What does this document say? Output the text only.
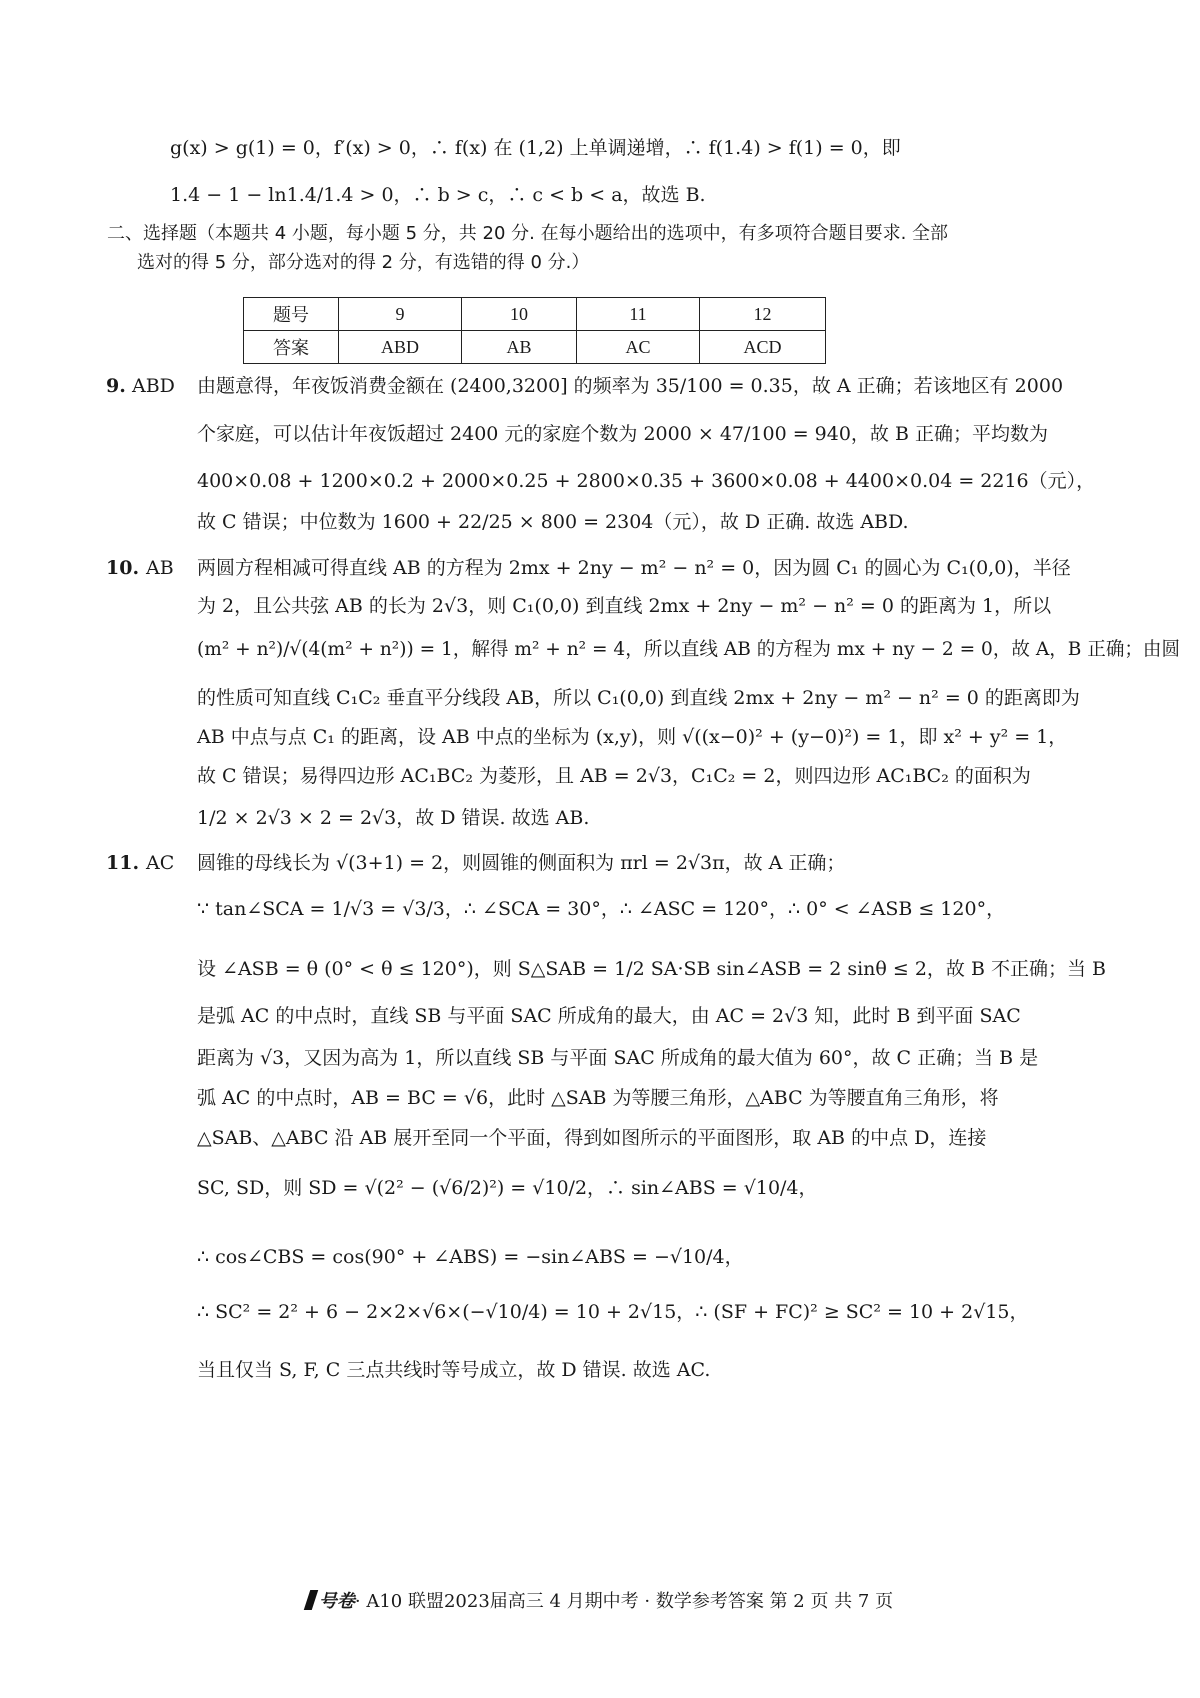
g(x) > g(1) = 0，f′(x) > 0，∴ f(x) 在 (1,2) 上单调递增，∴ f(1.4) > f(1) = 0，即
1.4 − 1 − ln1.4/1.4 > 0，∴ b > c，∴ c < b < a，故选 B.
二、选择题（本题共 4 小题，每小题 5 分，共 20 分. 在每小题给出的选项中，有多项符合题目要求. 全部
选对的得 5 分，部分选对的得 2 分，有选错的得 0 分.）
题号	9	10	11	12
答案	ABD	AB	AC	ACD
9. ABD 由题意得，年夜饭消费金额在 (2400,3200] 的频率为 35/100 = 0.35，故 A 正确；若该地区有 2000
个家庭，可以估计年夜饭超过 2400 元的家庭个数为 2000 × 47/100 = 940，故 B 正确；平均数为
400×0.08 + 1200×0.2 + 2000×0.25 + 2800×0.35 + 3600×0.08 + 4400×0.04 = 2216（元），
故 C 错误；中位数为 1600 + 22/25 × 800 = 2304（元），故 D 正确. 故选 ABD.
10. AB 两圆方程相减可得直线 AB 的方程为 2mx + 2ny − m² − n² = 0，因为圆 C₁ 的圆心为 C₁(0,0)，半径
为 2，且公共弦 AB 的长为 2√3，则 C₁(0,0) 到直线 2mx + 2ny − m² − n² = 0 的距离为 1，所以
(m² + n²)/√(4(m² + n²)) = 1，解得 m² + n² = 4，所以直线 AB 的方程为 mx + ny − 2 = 0，故 A，B 正确；由圆
的性质可知直线 C₁C₂ 垂直平分线段 AB，所以 C₁(0,0) 到直线 2mx + 2ny − m² − n² = 0 的距离即为
AB 中点与点 C₁ 的距离，设 AB 中点的坐标为 (x,y)，则 √((x−0)² + (y−0)²) = 1，即 x² + y² = 1，
故 C 错误；易得四边形 AC₁BC₂ 为菱形，且 AB = 2√3，C₁C₂ = 2，则四边形 AC₁BC₂ 的面积为
1/2 × 2√3 × 2 = 2√3，故 D 错误. 故选 AB.
11. AC 圆锥的母线长为 √(3+1) = 2，则圆锥的侧面积为 πrl = 2√3π，故 A 正确；
∵ tan∠SCA = 1/√3 = √3/3，∴ ∠SCA = 30°，∴ ∠ASC = 120°，∴ 0° < ∠ASB ≤ 120°，
设 ∠ASB = θ (0° < θ ≤ 120°)，则 S△SAB = 1/2 SA·SB sin∠ASB = 2 sinθ ≤ 2，故 B 不正确；当 B
是弧 AC 的中点时，直线 SB 与平面 SAC 所成角的最大，由 AC = 2√3 知，此时 B 到平面 SAC
距离为 √3，又因为高为 1，所以直线 SB 与平面 SAC 所成角的最大值为 60°，故 C 正确；当 B 是
弧 AC 的中点时，AB = BC = √6，此时 △SAB 为等腰三角形，△ABC 为等腰直角三角形，将
△SAB、△ABC 沿 AB 展开至同一个平面，得到如图所示的平面图形，取 AB 的中点 D，连接
SC, SD，则 SD = √(2² − (√6/2)²) = √10/2，∴ sin∠ABS = √10/4，
∴ cos∠CBS = cos(90° + ∠ABS) = −sin∠ABS = −√10/4，
∴ SC² = 2² + 6 − 2×2×√6×(−√10/4) = 10 + 2√15，∴ (SF + FC)² ≥ SC² = 10 + 2√15，
当且仅当 S, F, C 三点共线时等号成立，故 D 错误. 故选 AC.
号卷· A10 联盟2023届高三 4 月期中考 · 数学参考答案 第 2 页 共 7 页
